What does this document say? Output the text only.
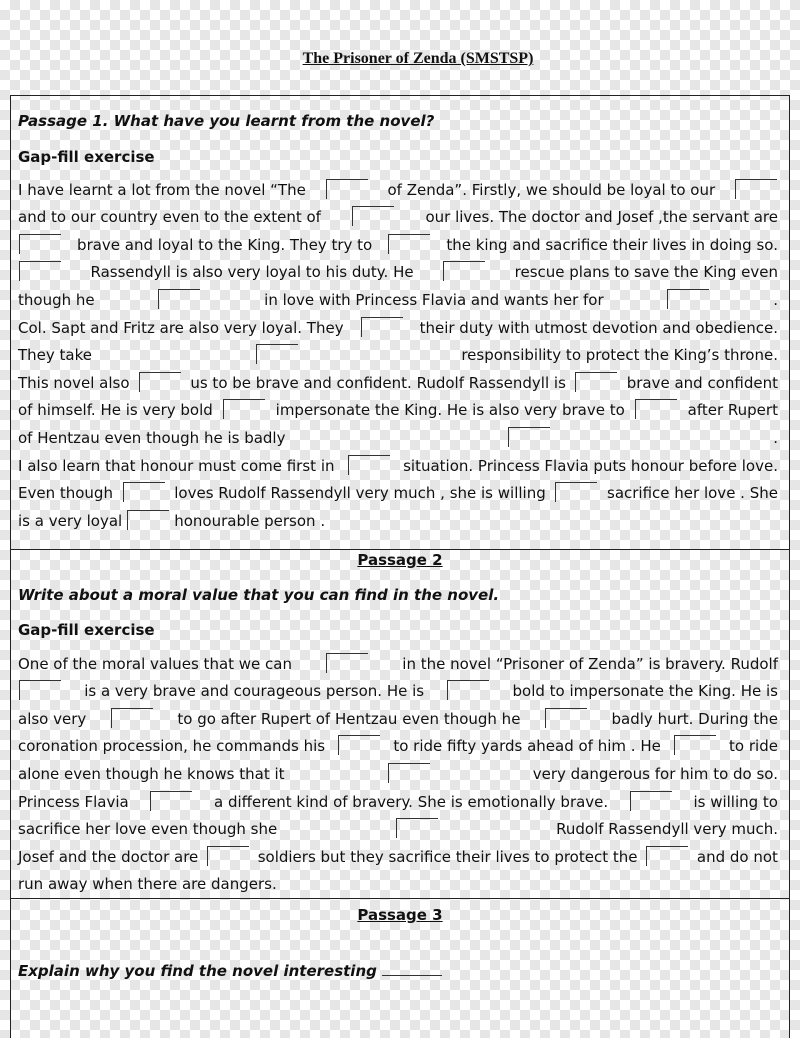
The Prisoner of Zenda (SMSTSP)
Passage 1. What have you learnt from the novel?
Gap-fill exercise
I have learnt a lot from the novel “The	of Zenda”. Firstly, we should be loyal to our
and to our country even to the extent of	our lives. The doctor and Josef ,the servant are
brave and loyal to the King. They try to	the king and sacrifice their lives in doing so.
Rassendyll is also very loyal to his duty. He	rescue plans to save the King even
though he	in love with Princess Flavia and wants her for	.
Col. Sapt and Fritz are also very loyal. They	their duty with utmost devotion and obedience.
They take	responsibility to protect the King’s throne.
This novel also	us to be brave and confident. Rudolf Rassendyll is	brave and confident
of himself. He is very bold	impersonate the King. He is also very brave to	after Rupert
of Hentzau even though he is badly	.
I also learn that honour must come first in	situation. Princess Flavia puts honour before love.
Even though	loves Rudolf Rassendyll very much , she is willing	sacrifice her love . She
is a very loyal	honourable person .
Passage 2
Write about a moral value that you can find in the novel.
Gap-fill exercise
One of the moral values that we can	in the novel “Prisoner of Zenda” is bravery. Rudolf
is a very brave and courageous person. He is	bold to impersonate the King. He is
also very	to go after Rupert of Hentzau even though he	badly hurt. During the
coronation procession, he commands his	to ride fifty yards ahead of him . He	to ride
alone even though he knows that it	very dangerous for him to do so.
Princess Flavia	a different kind of bravery. She is emotionally brave.	is willing to
sacrifice her love even though she	Rudolf Rassendyll very much.
Josef and the doctor are	soldiers but they sacrifice their lives to protect the	and do not
run away when there are dangers.
Passage 3
Explain why you find the novel interesting
